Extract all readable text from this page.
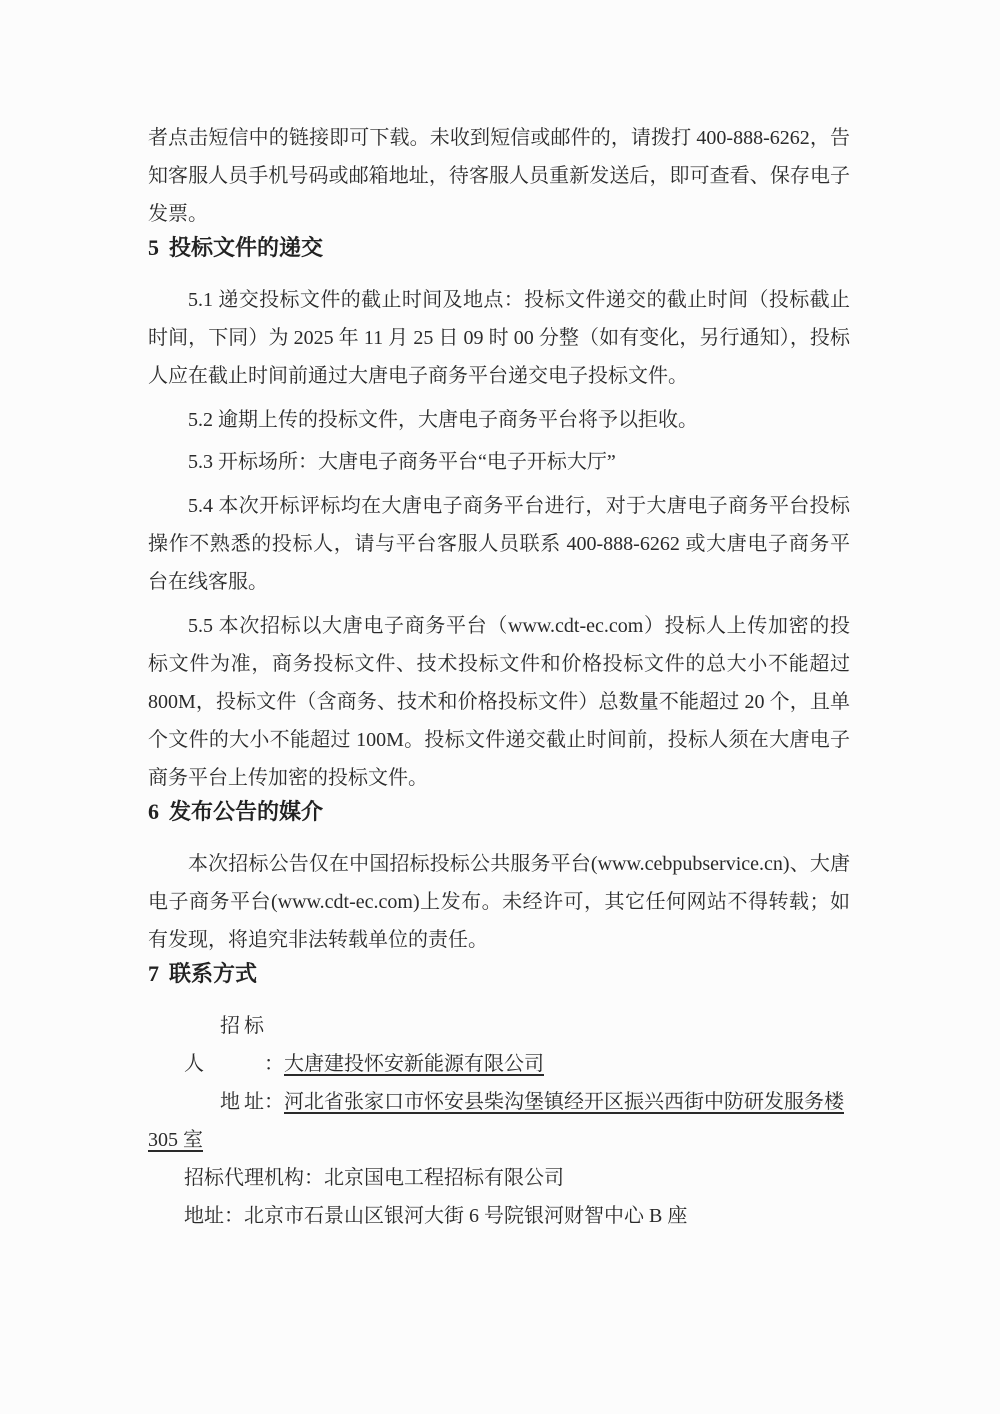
者点击短信中的链接即可下载。未收到短信或邮件的，请拨打 400-888-6262，告知客服人员手机号码或邮箱地址，待客服人员重新发送后，即可查看、保存电子发票。

5 投标文件的递交

5.1 递交投标文件的截止时间及地点：投标文件递交的截止时间（投标截止时间，下同）为 2025 年 11 月 25 日 09 时 00 分整（如有变化，另行通知），投标人应在截止时间前通过大唐电子商务平台递交电子投标文件。

5.2 逾期上传的投标文件，大唐电子商务平台将予以拒收。

5.3 开标场所：大唐电子商务平台“电子开标大厅”

5.4 本次开标评标均在大唐电子商务平台进行，对于大唐电子商务平台投标操作不熟悉的投标人，请与平台客服人员联系 400-888-6262 或大唐电子商务平台在线客服。

5.5 本次招标以大唐电子商务平台（www.cdt-ec.com）投标人上传加密的投标文件为准，商务投标文件、技术投标文件和价格投标文件的总大小不能超过 800M，投标文件（含商务、技术和价格投标文件）总数量不能超过 20 个，且单个文件的大小不能超过 100M。投标文件递交截止时间前，投标人须在大唐电子商务平台上传加密的投标文件。

6 发布公告的媒介

本次招标公告仅在中国招标投标公共服务平台(www.cebpubservice.cn)、大唐电子商务平台(www.cdt-ec.com)上发布。未经许可，其它任何网站不得转载；如有发现，将追究非法转载单位的责任。

7 联系方式

招标人	：大唐建投怀安新能源有限公司

地址：河北省张家口市怀安县柴沟堡镇经开区振兴西街中防研发服务楼
305 室

招标代理机构：北京国电工程招标有限公司

地址：北京市石景山区银河大街 6 号院银河财智中心 B 座
